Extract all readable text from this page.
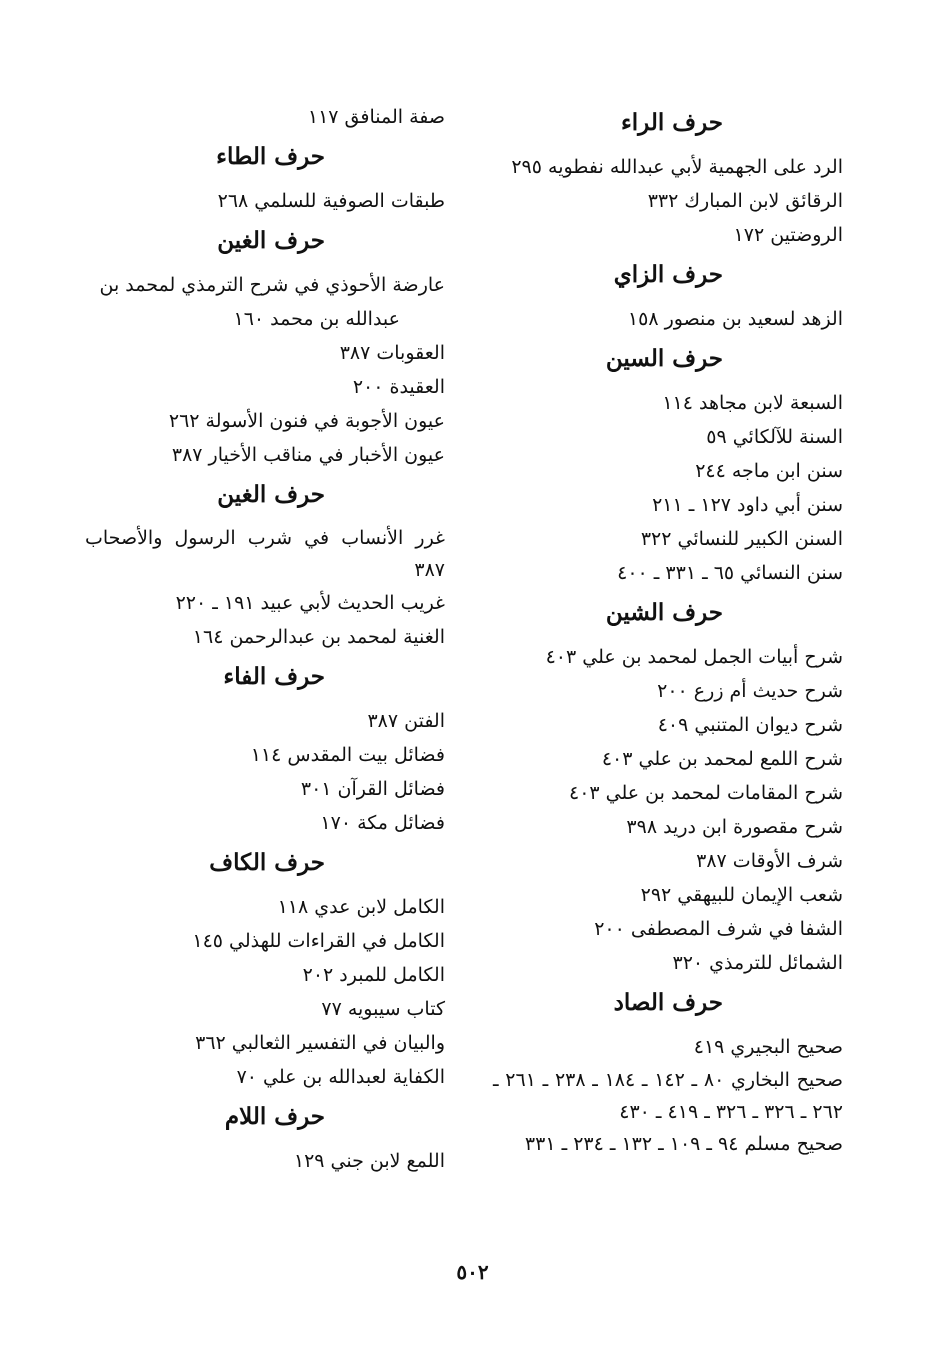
حرف الراء
الرد على الجهمية لأبي عبدالله نفطويه ٢٩٥
الرقائق لابن المبارك ٣٣٢
الروضتين ١٧٢
حرف الزاي
الزهد لسعيد بن منصور ١٥٨
حرف السين
السبعة لابن مجاهد ١١٤
السنة للآلكائي ٥٩
سنن ابن ماجه ٢٤٤
سنن أبي داود ١٢٧ ـ ٢١١
السنن الكبير للنسائي ٣٢٢
سنن النسائي ٦٥ ـ ٣٣١ ـ ٤٠٠
حرف الشين
شرح أبيات الجمل لمحمد بن علي ٤٠٣
شرح حديث أم زرع ٢٠٠
شرح ديوان المتنبي ٤٠٩
شرح اللمع لمحمد بن علي ٤٠٣
شرح المقامات لمحمد بن علي ٤٠٣
شرح مقصورة ابن دريد ٣٩٨
شرف الأوقات ٣٨٧
شعب الإيمان للبيهقي ٢٩٢
الشفا في شرف المصطفى ٢٠٠
الشمائل للترمذي ٣٢٠
حرف الصاد
صحيح البجيري ٤١٩
صحيح البخاري ٨٠ ـ ١٤٢ ـ ١٨٤ ـ ٢٣٨ ـ ٢٦١ ـ ٢٦٢ ـ ٣٢٦ ـ ٣٢٦ ـ ٤١٩ ـ ٤٣٠
صحيح مسلم ٩٤ ـ ١٠٩ ـ ١٣٢ ـ ٢٣٤ ـ ٣٣١
صفة المنافق ١١٧
حرف الطاء
طبقات الصوفية للسلمي ٢٦٨
حرف الغين
عارضة الأحوذي في شرح الترمذي لمحمد بن
عبدالله بن محمد ١٦٠
العقوبات ٣٨٧
العقيدة ٢٠٠
عيون الأجوبة في فنون الأسولة ٢٦٢
عيون الأخبار في مناقب الأخيار ٣٨٧
حرف الغين
غرر الأنساب في شرب الرسول والأصحاب ٣٨٧
غريب الحديث لأبي عبيد ١٩١ ـ ٢٢٠
الغنية لمحمد بن عبدالرحمن ١٦٤
حرف الفاء
الفتن ٣٨٧
فضائل بيت المقدس ١١٤
فضائل القرآن ٣٠١
فضائل مكة ١٧٠
حرف الكاف
الكامل لابن عدي ١١٨
الكامل في القراءات للهذلي ١٤٥
الكامل للمبرد ٢٠٢
كتاب سيبويه ٧٧
والبيان في التفسير الثعالبي ٣٦٢
الكفاية لعبدالله بن علي ٧٠
حرف اللام
اللمع لابن جني ١٢٩
٥٠٢
